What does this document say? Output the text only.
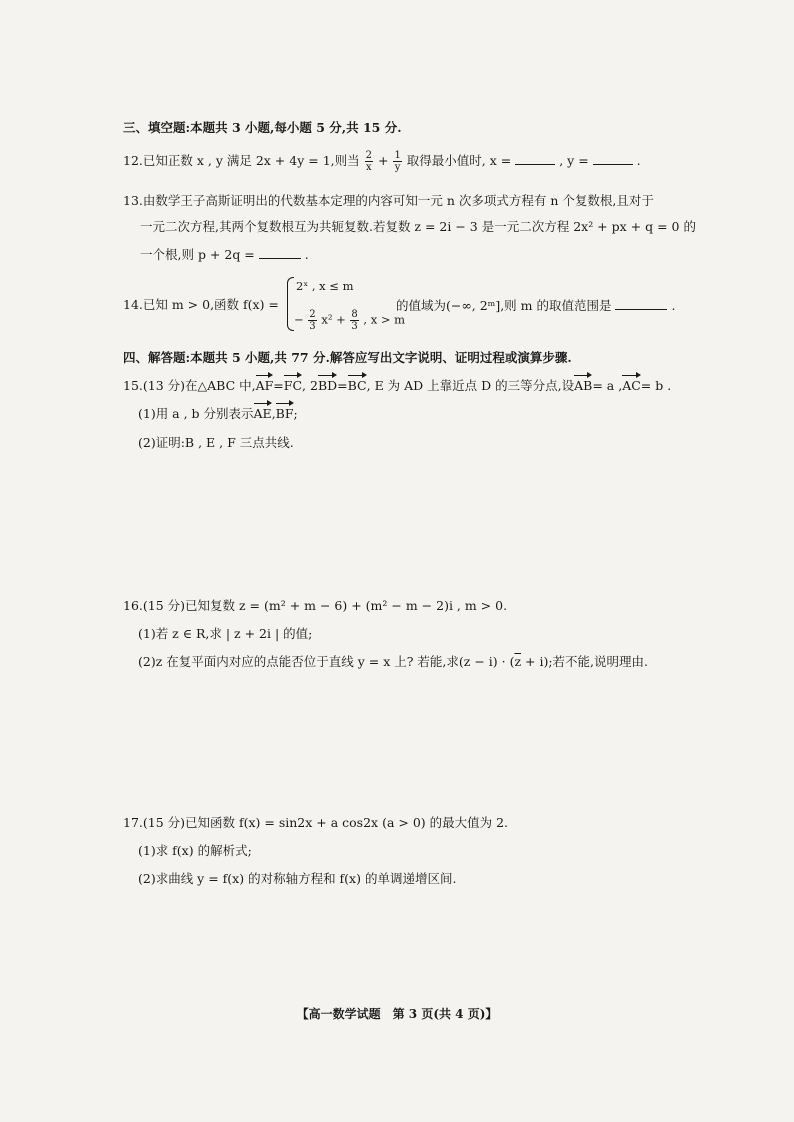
三、填空题:本题共 3 小题,每小题 5 分,共 15 分.
12.已知正数 x , y 满足 2x + 4y = 1,则当 $\frac{2}{x} + \frac{1}{y}$ 取得最小值时, x =	, y =	.
13.由数学王子高斯证明出的代数基本定理的内容可知一元 n 次多项式方程有 n 个复数根,且对于
一元二次方程,其两个复数根互为共轭复数.若复数 z = 2i − 3 是一元二次方程 2x² + px + q = 0 的
一个根,则 p + 2q =	.
14.已知 m > 0,函数 f(x) =
2ˣ , x ≤ m
− $\frac{2}{3} x^2 + \frac{8}{3}$ , x > m
的值域为(−∞, 2ᵐ],则 m 的取值范围是	.
四、解答题:本题共 5 小题,共 77 分.解答应写出文字说明、证明过程或演算步骤.
15.(13 分)在△ABC 中,AF=FC, 2BD=BC, E 为 AD 上靠近点 D 的三等分点,设AB= a ,AC= b .
(1)用 a , b 分别表示AE,BF;
(2)证明:B , E , F 三点共线.
16.(15 分)已知复数 z = (m² + m − 6) + (m² − m − 2)i , m > 0.
(1)若 z ∈ R,求 | z + 2i | 的值;
(2)z 在复平面内对应的点能否位于直线 y = x 上? 若能,求$(z - i) \cdot (\overline{z} + i)$;若不能,说明理由.
17.(15 分)已知函数 f(x) = sin2x + a cos2x (a > 0) 的最大值为 2.
(1)求 f(x) 的解析式;
(2)求曲线 y = f(x) 的对称轴方程和 f(x) 的单调递增区间.
【高一数学试题　第 3 页(共 4 页)】
